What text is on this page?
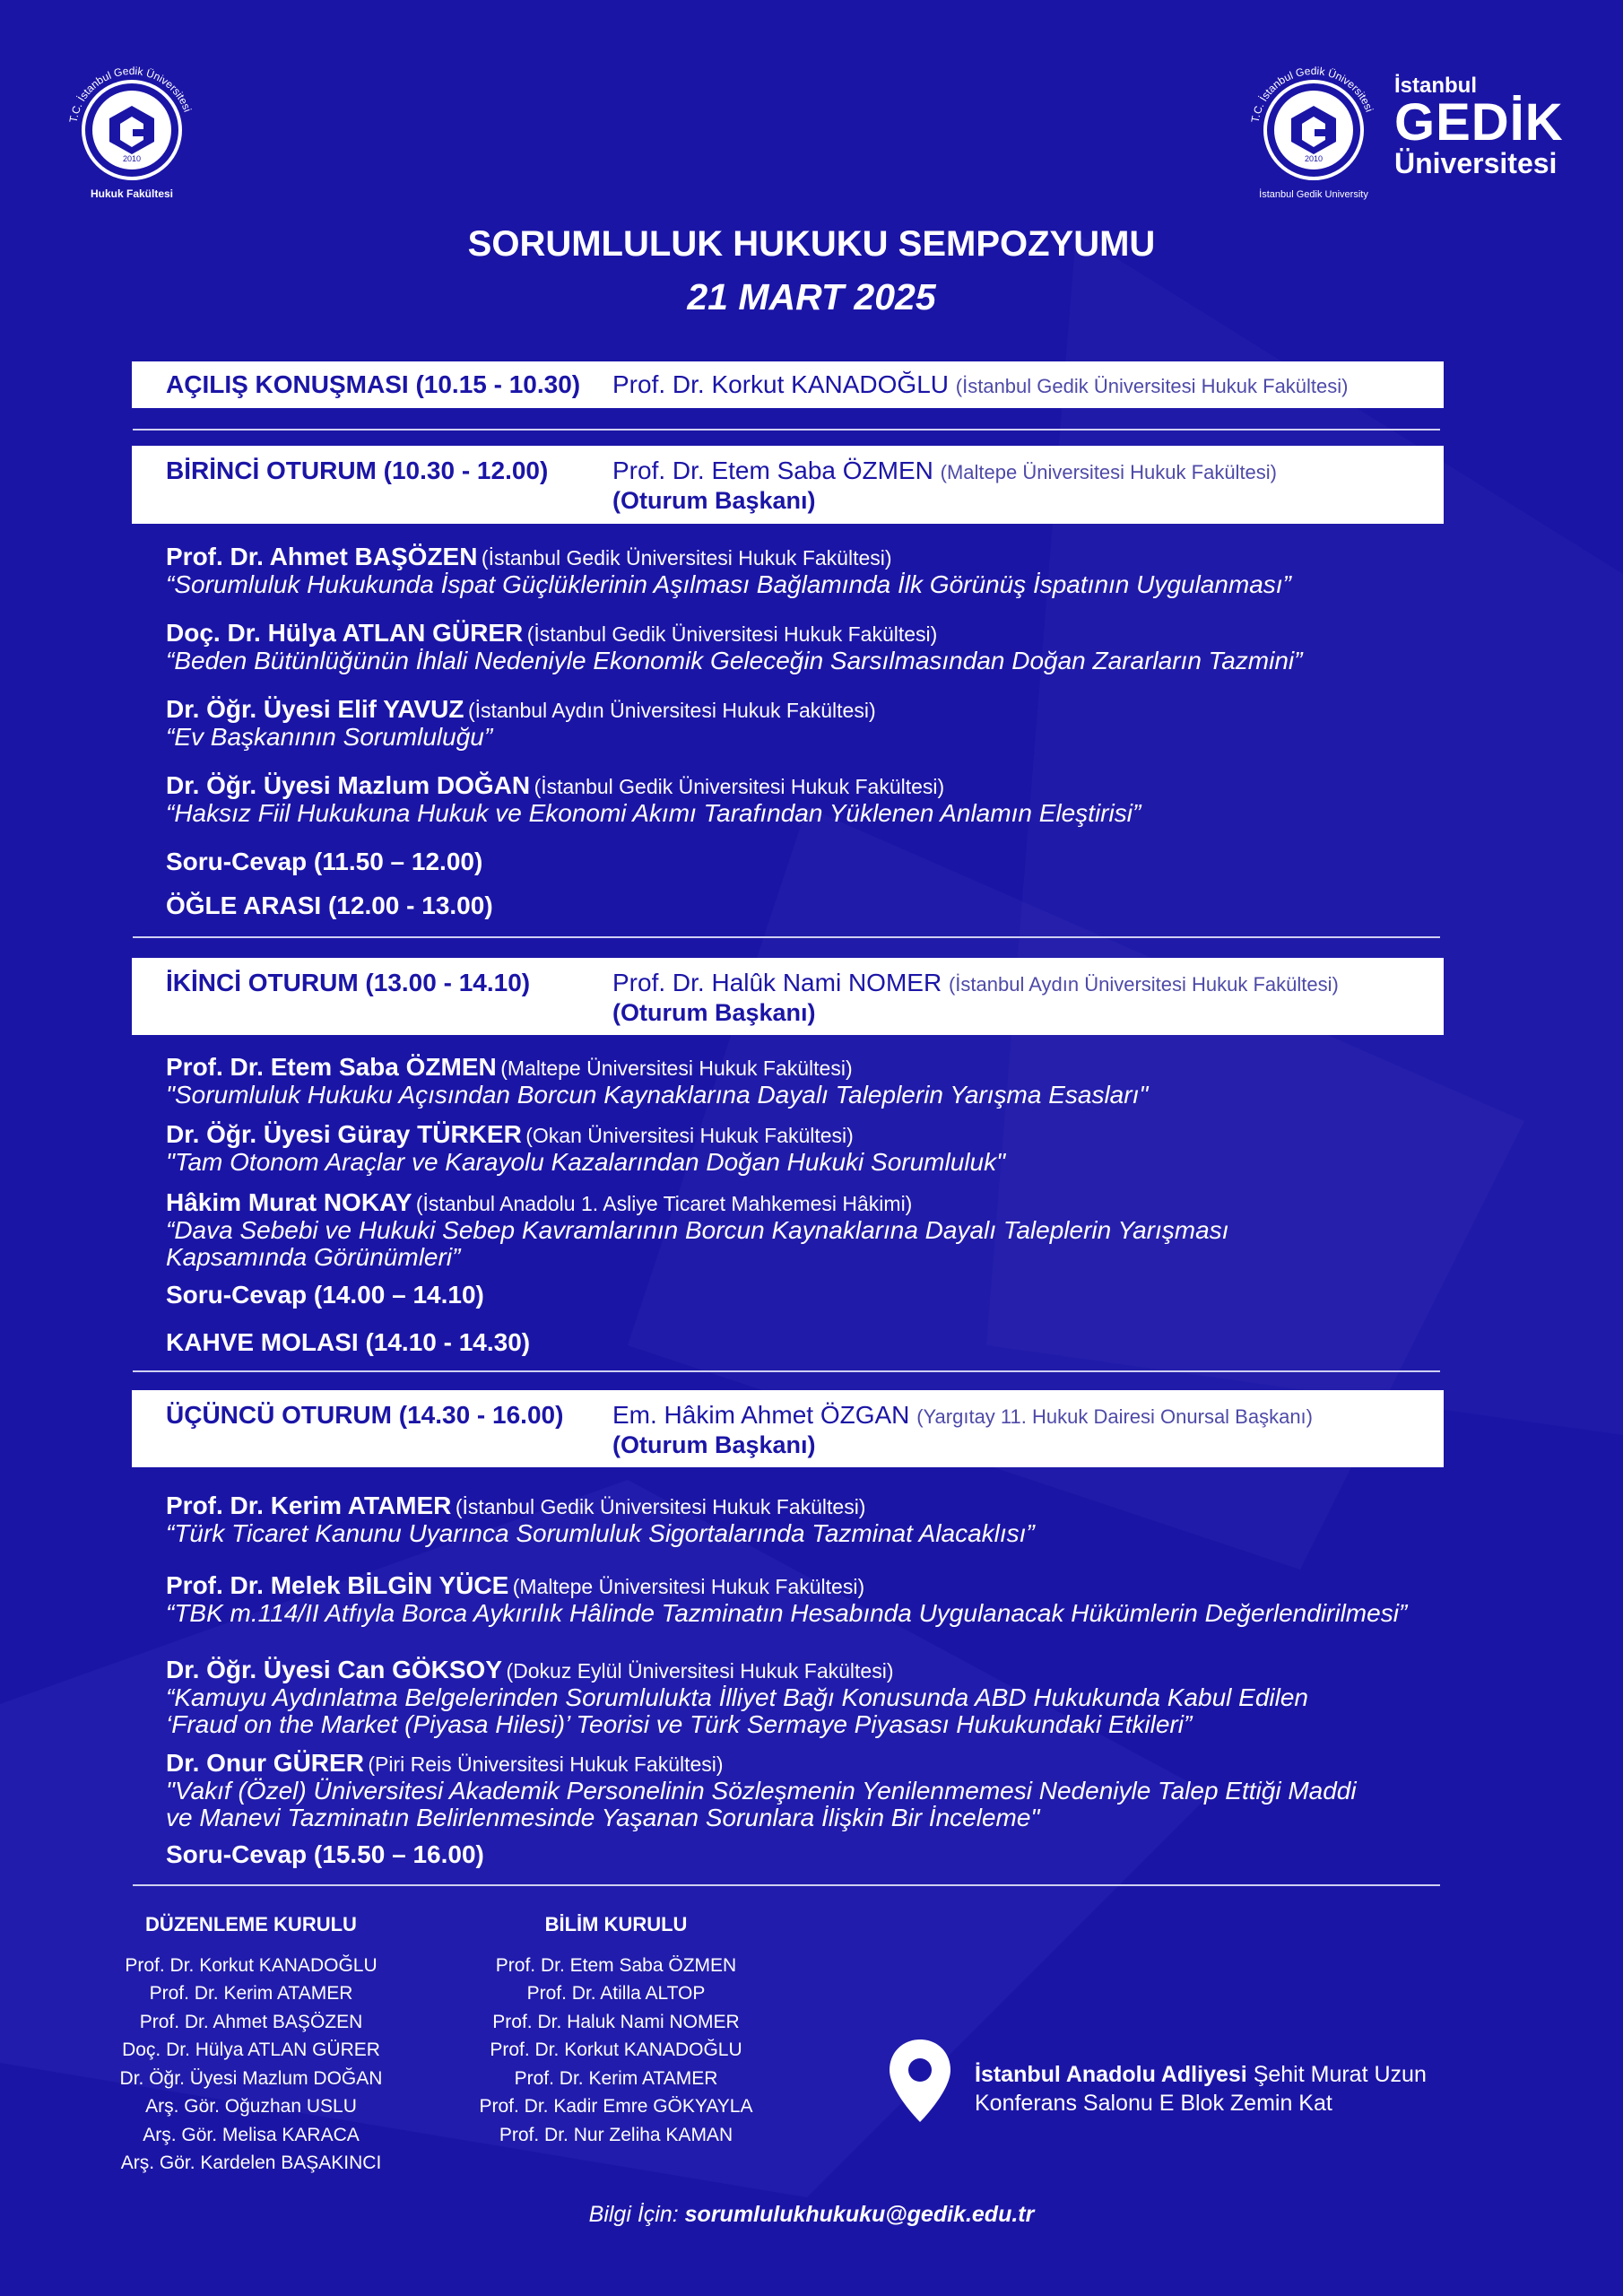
T.C. İstanbul Gedik Üniversitesi
Hukuk Fakültesi
2010
T.C. İstanbul Gedik Üniversitesi
İstanbul Gedik University
2010
İstanbul
GEDİK
Üniversitesi
SORUMLULUK HUKUKU SEMPOZYUMU
21 MART 2025
AÇILIŞ KONUŞMASI (10.15 - 10.30) Prof. Dr. Korkut KANADOĞLU (İstanbul Gedik Üniversitesi Hukuk Fakültesi)
BİRİNCİ OTURUM (10.30 - 12.00)	Prof. Dr. Etem Saba ÖZMEN (Maltepe Üniversitesi Hukuk Fakültesi)
(Oturum Başkanı)
Prof. Dr. Ahmet BAŞÖZEN (İstanbul Gedik Üniversitesi Hukuk Fakültesi)
“Sorumluluk Hukukunda İspat Güçlüklerinin Aşılması Bağlamında İlk Görünüş İspatının Uygulanması”
Doç. Dr. Hülya ATLAN GÜRER (İstanbul Gedik Üniversitesi Hukuk Fakültesi)
“Beden Bütünlüğünün İhlali Nedeniyle Ekonomik Geleceğin Sarsılmasından Doğan Zararların Tazmini”
Dr. Öğr. Üyesi Elif YAVUZ (İstanbul Aydın Üniversitesi Hukuk Fakültesi)
“Ev Başkanının Sorumluluğu”
Dr. Öğr. Üyesi Mazlum DOĞAN (İstanbul Gedik Üniversitesi Hukuk Fakültesi)
“Haksız Fiil Hukukuna Hukuk ve Ekonomi Akımı Tarafından Yüklenen Anlamın Eleştirisi”
Soru-Cevap (11.50 – 12.00)
ÖĞLE ARASI (12.00 - 13.00)
İKİNCİ OTURUM (13.00 - 14.10)	Prof. Dr. Halûk Nami NOMER (İstanbul Aydın Üniversitesi Hukuk Fakültesi)
(Oturum Başkanı)
Prof. Dr. Etem Saba ÖZMEN (Maltepe Üniversitesi Hukuk Fakültesi)
"Sorumluluk Hukuku Açısından Borcun Kaynaklarına Dayalı Taleplerin Yarışma Esasları"
Dr. Öğr. Üyesi Güray TÜRKER (Okan Üniversitesi Hukuk Fakültesi)
"Tam Otonom Araçlar ve Karayolu Kazalarından Doğan Hukuki Sorumluluk"
Hâkim Murat NOKAY (İstanbul Anadolu 1. Asliye Ticaret Mahkemesi Hâkimi)
“Dava Sebebi ve Hukuki Sebep Kavramlarının Borcun Kaynaklarına Dayalı Taleplerin Yarışması
Kapsamında Görünümleri”
Soru-Cevap (14.00 – 14.10)
KAHVE MOLASI (14.10 - 14.30)
ÜÇÜNCÜ OTURUM (14.30 - 16.00) Em. Hâkim Ahmet ÖZGAN (Yargıtay 11. Hukuk Dairesi Onursal Başkanı)
(Oturum Başkanı)
Prof. Dr. Kerim ATAMER (İstanbul Gedik Üniversitesi Hukuk Fakültesi)
“Türk Ticaret Kanunu Uyarınca Sorumluluk Sigortalarında Tazminat Alacaklısı”
Prof. Dr. Melek BİLGİN YÜCE (Maltepe Üniversitesi Hukuk Fakültesi)
“TBK m.114/II Atfıyla Borca Aykırılık Hâlinde Tazminatın Hesabında Uygulanacak Hükümlerin Değerlendirilmesi”
Dr. Öğr. Üyesi Can GÖKSOY (Dokuz Eylül Üniversitesi Hukuk Fakültesi)
“Kamuyu Aydınlatma Belgelerinden Sorumlulukta İlliyet Bağı Konusunda ABD Hukukunda Kabul Edilen
‘Fraud on the Market (Piyasa Hilesi)’ Teorisi ve Türk Sermaye Piyasası Hukukundaki Etkileri”
Dr. Onur GÜRER (Piri Reis Üniversitesi Hukuk Fakültesi)
"Vakıf (Özel) Üniversitesi Akademik Personelinin Sözleşmenin Yenilenmemesi Nedeniyle Talep Ettiği Maddi
ve Manevi Tazminatın Belirlenmesinde Yaşanan Sorunlara İlişkin Bir İnceleme"
Soru-Cevap (15.50 – 16.00)
DÜZENLEME KURULU
Prof. Dr. Korkut KANADOĞLU
Prof. Dr. Kerim ATAMER
Prof. Dr. Ahmet BAŞÖZEN
Doç. Dr. Hülya ATLAN GÜRER
Dr. Öğr. Üyesi Mazlum DOĞAN
Arş. Gör. Oğuzhan USLU
Arş. Gör. Melisa KARACA
Arş. Gör. Kardelen BAŞAKINCI
BİLİM KURULU
Prof. Dr. Etem Saba ÖZMEN
Prof. Dr. Atilla ALTOP
Prof. Dr. Haluk Nami NOMER
Prof. Dr. Korkut KANADOĞLU
Prof. Dr. Kerim ATAMER
Prof. Dr. Kadir Emre GÖKYAYLA
Prof. Dr. Nur Zeliha KAMAN
İstanbul Anadolu Adliyesi Şehit Murat Uzun
Konferans Salonu E Blok Zemin Kat
Bilgi İçin: sorumlulukhukuku@gedik.edu.tr
